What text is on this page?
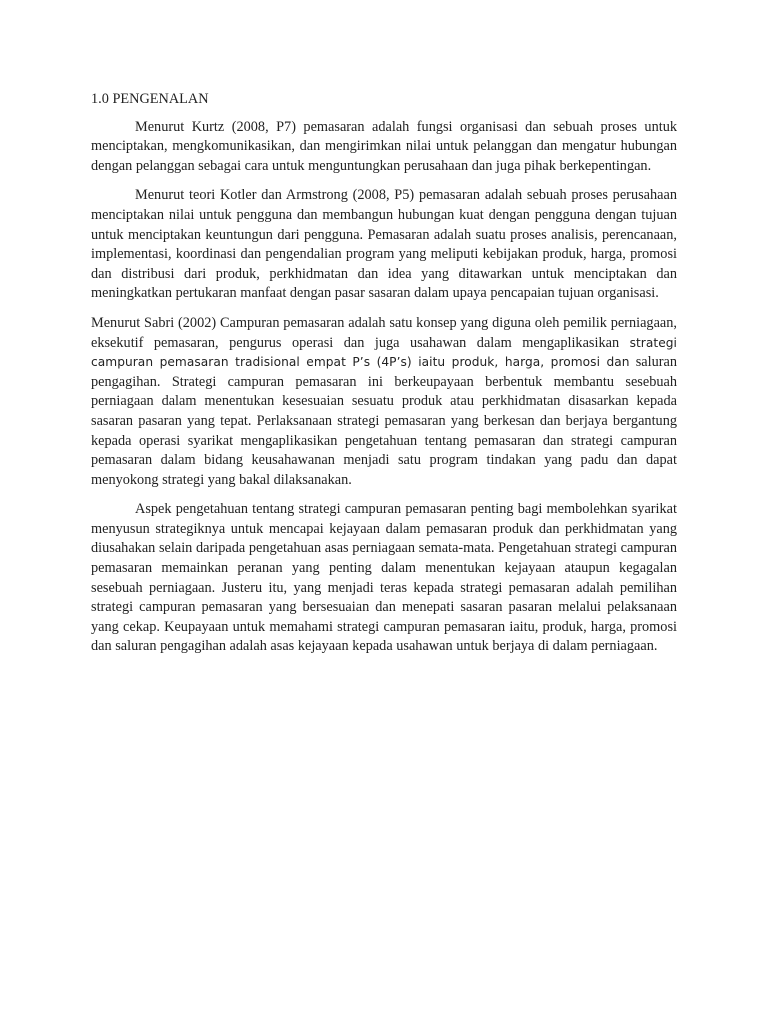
1.0 PENGENALAN

Menurut Kurtz (2008, P7) pemasaran adalah fungsi organisasi dan sebuah proses untuk menciptakan, mengkomunikasikan, dan mengirimkan nilai untuk pelanggan dan mengatur hubungan dengan pelanggan sebagai cara untuk menguntungkan perusahaan dan juga pihak berkepentingan.

Menurut teori Kotler dan Armstrong (2008, P5) pemasaran adalah sebuah proses perusahaan menciptakan nilai untuk pengguna dan membangun hubungan kuat dengan pengguna dengan tujuan untuk menciptakan keuntungun dari pengguna. Pemasaran adalah suatu proses analisis, perencanaan, implementasi, koordinasi dan pengendalian program yang meliputi kebijakan produk, harga, promosi dan distribusi dari produk, perkhidmatan dan idea yang ditawarkan untuk menciptakan dan meningkatkan pertukaran manfaat dengan pasar sasaran dalam upaya pencapaian tujuan organisasi.

Menurut Sabri (2002) Campuran pemasaran adalah satu konsep yang diguna oleh pemilik perniagaan, eksekutif pemasaran, pengurus operasi dan juga usahawan dalam mengaplikasikan strategi campuran pemasaran tradisional empat P’s (4P’s) iaitu produk, harga, promosi dan saluran pengagihan. Strategi campuran pemasaran ini berkeupayaan berbentuk membantu sesebuah perniagaan dalam menentukan kesesuaian sesuatu produk atau perkhidmatan disasarkan kepada sasaran pasaran yang tepat. Perlaksanaan strategi pemasaran yang berkesan dan berjaya bergantung kepada operasi syarikat mengaplikasikan pengetahuan tentang pemasaran dan strategi campuran pemasaran dalam bidang keusahawanan menjadi satu program tindakan yang padu dan dapat menyokong strategi yang bakal dilaksanakan.

Aspek pengetahuan tentang strategi campuran pemasaran penting bagi membolehkan syarikat menyusun strategiknya untuk mencapai kejayaan dalam pemasaran produk dan perkhidmatan yang diusahakan selain daripada pengetahuan asas perniagaan semata-mata. Pengetahuan strategi campuran pemasaran memainkan peranan yang penting dalam menentukan kejayaan ataupun kegagalan sesebuah perniagaan. Justeru itu, yang menjadi teras kepada strategi pemasaran adalah pemilihan strategi campuran pemasaran yang bersesuaian dan menepati sasaran pasaran melalui pelaksanaan yang cekap. Keupayaan untuk memahami strategi campuran pemasaran iaitu, produk, harga, promosi dan saluran pengagihan adalah asas kejayaan kepada usahawan untuk berjaya di dalam perniagaan.
